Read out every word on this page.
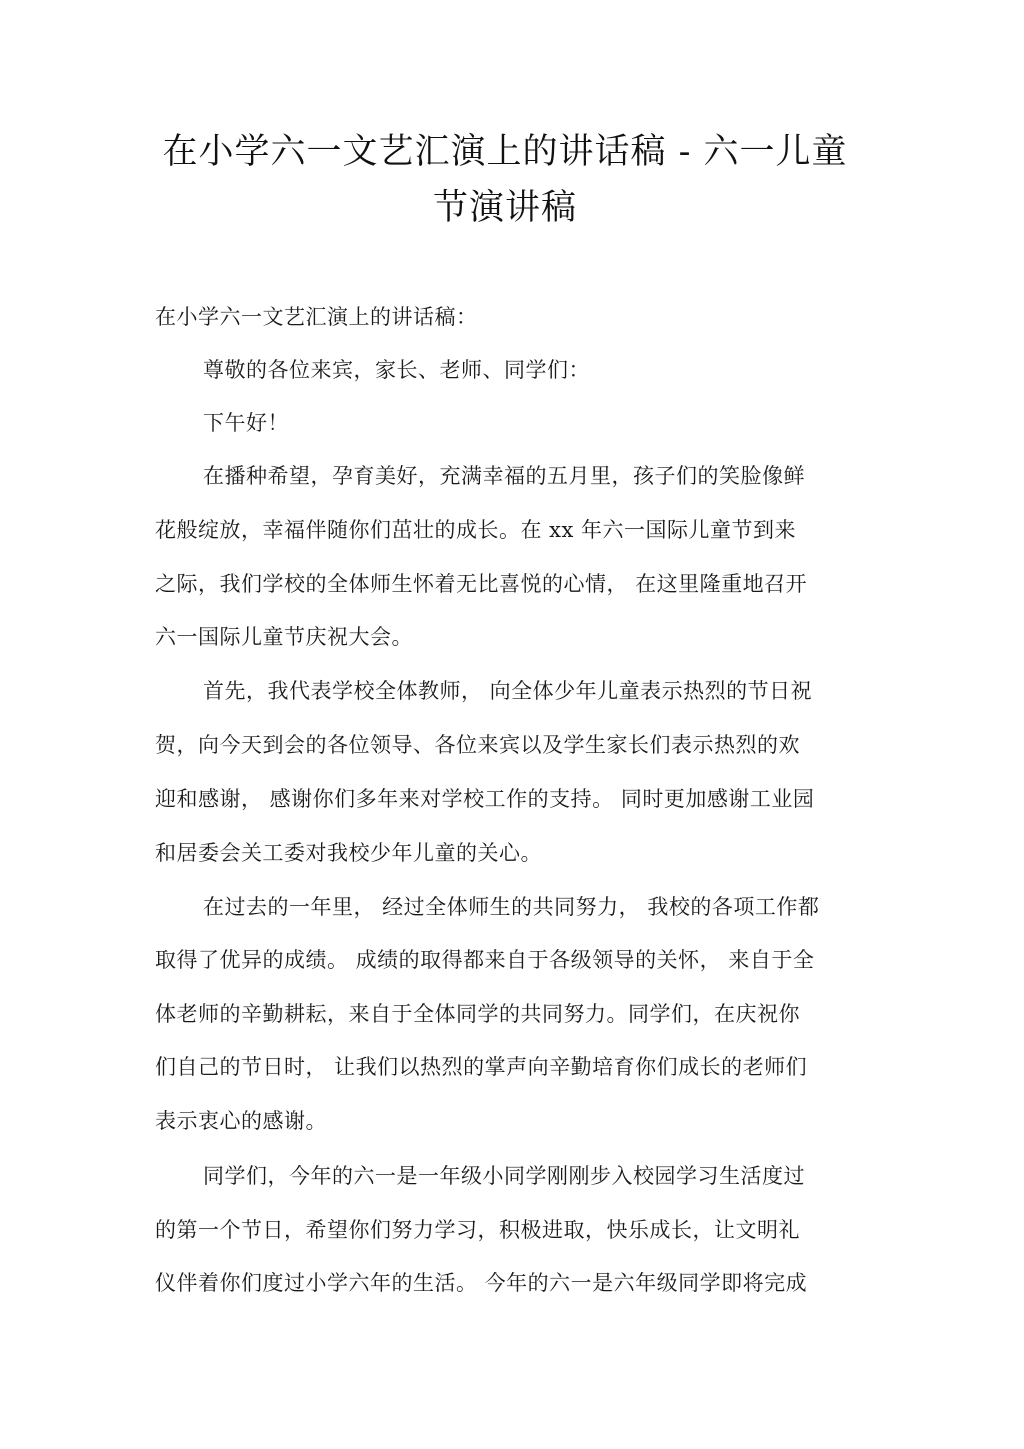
在小学六一文艺汇演上的讲话稿 - 六一儿童
节演讲稿
在小学六一文艺汇演上的讲话稿：
尊敬的各位来宾，家长、老师、同学们：
下午好！
在播种希望，孕育美好，充满幸福的五月里，孩子们的笑脸像鲜
花般绽放，幸福伴随你们茁壮的成长。在 xx 年六一国际儿童节到来
之际，我们学校的全体师生怀着无比喜悦的心情， 在这里隆重地召开
六一国际儿童节庆祝大会。
首先，我代表学校全体教师， 向全体少年儿童表示热烈的节日祝
贺，向今天到会的各位领导、各位来宾以及学生家长们表示热烈的欢
迎和感谢， 感谢你们多年来对学校工作的支持。 同时更加感谢工业园
和居委会关工委对我校少年儿童的关心。
在过去的一年里， 经过全体师生的共同努力， 我校的各项工作都
取得了优异的成绩。 成绩的取得都来自于各级领导的关怀， 来自于全
体老师的辛勤耕耘，来自于全体同学的共同努力。同学们，在庆祝你
们自己的节日时， 让我们以热烈的掌声向辛勤培育你们成长的老师们
表示衷心的感谢。
同学们，今年的六一是一年级小同学刚刚步入校园学习生活度过
的第一个节日，希望你们努力学习，积极进取，快乐成长，让文明礼
仪伴着你们度过小学六年的生活。 今年的六一是六年级同学即将完成
